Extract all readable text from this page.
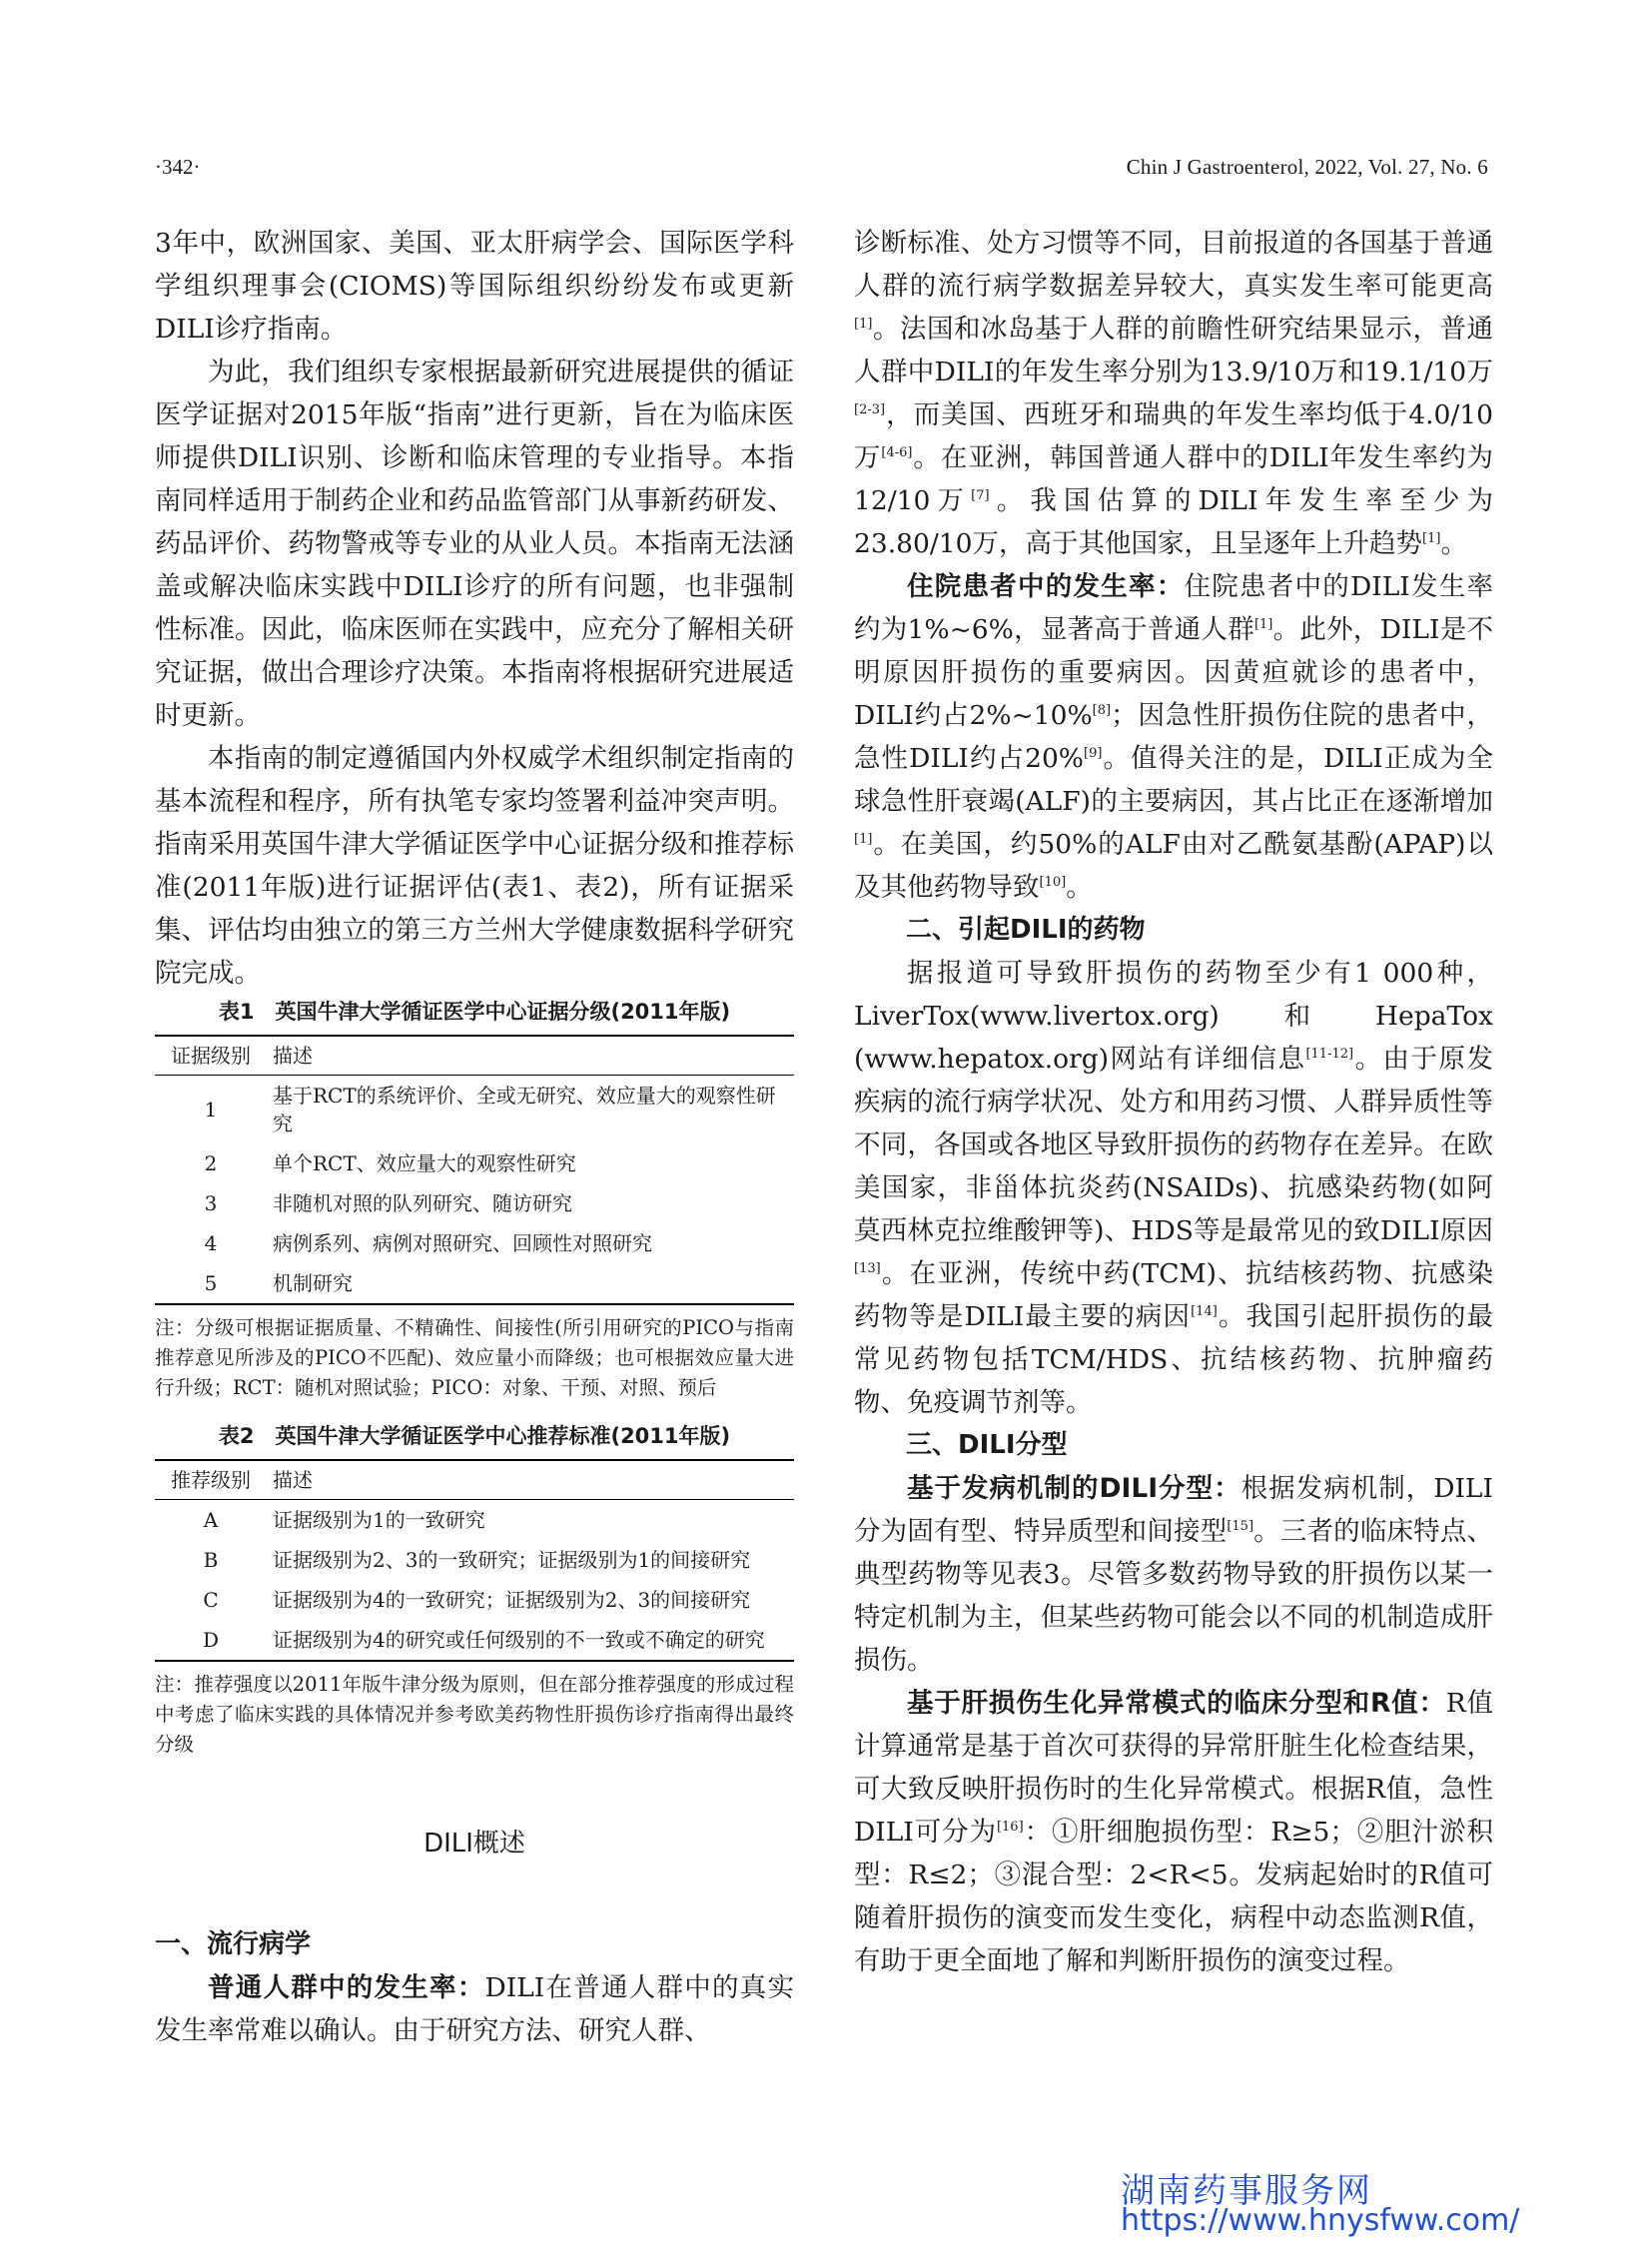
·342·	Chin J Gastroenterol, 2022, Vol. 27, No. 6

3年中，欧洲国家、美国、亚太肝病学会、国际医学科学组织理事会(CIOMS)等国际组织纷纷发布或更新DILI诊疗指南。

为此，我们组织专家根据最新研究进展提供的循证医学证据对2015年版“指南”进行更新，旨在为临床医师提供DILI识别、诊断和临床管理的专业指导。本指南同样适用于制药企业和药品监管部门从事新药研发、药品评价、药物警戒等专业的从业人员。本指南无法涵盖或解决临床实践中DILI诊疗的所有问题，也非强制性标准。因此，临床医师在实践中，应充分了解相关研究证据，做出合理诊疗决策。本指南将根据研究进展适时更新。

本指南的制定遵循国内外权威学术组织制定指南的基本流程和程序，所有执笔专家均签署利益冲突声明。指南采用英国牛津大学循证医学中心证据分级和推荐标准(2011年版)进行证据评估(表1、表2)，所有证据采集、评估均由独立的第三方兰州大学健康数据科学研究院完成。

表1　英国牛津大学循证医学中心证据分级(2011年版)
证据级别	描述
1	基于RCT的系统评价、全或无研究、效应量大的观察性研究
2	单个RCT、效应量大的观察性研究
3	非随机对照的队列研究、随访研究
4	病例系列、病例对照研究、回顾性对照研究
5	机制研究
注：分级可根据证据质量、不精确性、间接性(所引用研究的PICO与指南推荐意见所涉及的PICO不匹配)、效应量小而降级；也可根据效应量大进行升级；RCT：随机对照试验；PICO：对象、干预、对照、预后
表2　英国牛津大学循证医学中心推荐标准(2011年版)
推荐级别	描述
A	证据级别为1的一致研究
B	证据级别为2、3的一致研究；证据级别为1的间接研究
C	证据级别为4的一致研究；证据级别为2、3的间接研究
D	证据级别为4的研究或任何级别的不一致或不确定的研究
注：推荐强度以2011年版牛津分级为原则，但在部分推荐强度的形成过程中考虑了临床实践的具体情况并参考欧美药物性肝损伤诊疗指南得出最终分级
DILI概述
一、流行病学

普通人群中的发生率：DILI在普通人群中的真实发生率常难以确认。由于研究方法、研究人群、

诊断标准、处方习惯等不同，目前报道的各国基于普通人群的流行病学数据差异较大，真实发生率可能更高[1]。法国和冰岛基于人群的前瞻性研究结果显示，普通人群中DILI的年发生率分别为13.9/10万和19.1/10万[2-3]，而美国、西班牙和瑞典的年发生率均低于4.0/10万[4-6]。在亚洲，韩国普通人群中的DILI年发生率约为12/10万[7]。我国估算的DILI年发生率至少为23.80/10万，高于其他国家，且呈逐年上升趋势[1]。

住院患者中的发生率：住院患者中的DILI发生率约为1%~6%，显著高于普通人群[1]。此外，DILI是不明原因肝损伤的重要病因。因黄疸就诊的患者中，DILI约占2%~10%[8]；因急性肝损伤住院的患者中，急性DILI约占20%[9]。值得关注的是，DILI正成为全球急性肝衰竭(ALF)的主要病因，其占比正在逐渐增加[1]。在美国，约50%的ALF由对乙酰氨基酚(APAP)以及其他药物导致[10]。

二、引起DILI的药物

据报道可导致肝损伤的药物至少有1 000种，LiverTox(www.livertox.org)和HepaTox (www.hepatox.org)网站有详细信息[11-12]。由于原发疾病的流行病学状况、处方和用药习惯、人群异质性等不同，各国或各地区导致肝损伤的药物存在差异。在欧美国家，非甾体抗炎药(NSAIDs)、抗感染药物(如阿莫西林克拉维酸钾等)、HDS等是最常见的致DILI原因[13]。在亚洲，传统中药(TCM)、抗结核药物、抗感染药物等是DILI最主要的病因[14]。我国引起肝损伤的最常见药物包括TCM/HDS、抗结核药物、抗肿瘤药物、免疫调节剂等。

三、DILI分型

基于发病机制的DILI分型：根据发病机制，DILI分为固有型、特异质型和间接型[15]。三者的临床特点、典型药物等见表3。尽管多数药物导致的肝损伤以某一特定机制为主，但某些药物可能会以不同的机制造成肝损伤。

基于肝损伤生化异常模式的临床分型和R值：R值计算通常是基于首次可获得的异常肝脏生化检查结果，可大致反映肝损伤时的生化异常模式。根据R值，急性DILI可分为[16]：①肝细胞损伤型：R≥5；②胆汁淤积型：R≤2；③混合型：2<R<5。发病起始时的R值可随着肝损伤的演变而发生变化，病程中动态监测R值，有助于更全面地了解和判断肝损伤的演变过程。

湖南药事服务网
https://www.hnysfww.com/
